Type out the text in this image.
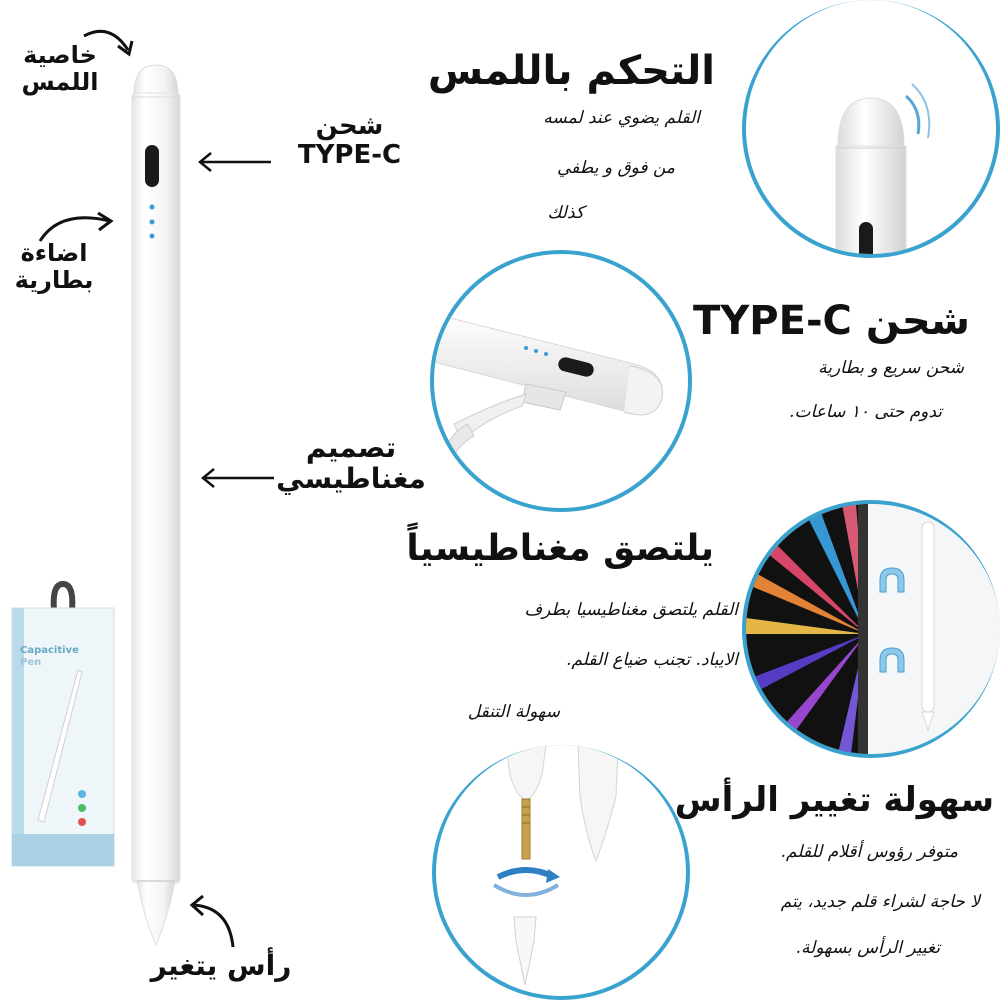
خاصية
اللمس
اضاءة
بطارية
شحن
TYPE-C
تصميم
مغناطيسي
رأس يتغير
Capacitive
Pen
التحكم باللمس
القلم يضوي عند لمسه
من فوق و يطفي
كذلك
شحن TYPE-C
شحن سريع و بطارية
تدوم حتى ١٠ ساعات.
يلتصق مغناطيسياً
القلم يلتصق مغناطيسيا بطرف
الايباد. تجنب ضياع القلم.
سهولة التنقل
سهولة تغيير الرأس
متوفر رؤوس أقلام للقلم.
لا حاجة لشراء قلم جديد، يتم
تغيير الرأس بسهولة.
